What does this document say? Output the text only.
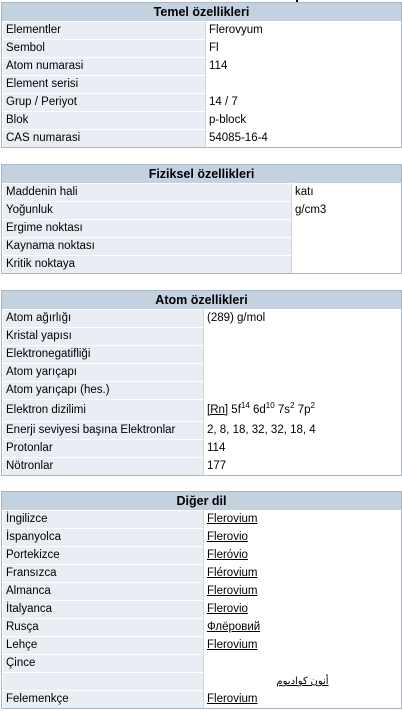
Temel özellikleri
Elementler	Flerovyum
Sembol	Fl
Atom numarasi	114
Element serisi	
Grup / Periyot	14 / 7
Blok	p-block
CAS numarasi	54085-16-4
Fiziksel özellikleri
Maddenin hali	katı
Yoğunluk	g/cm3
Ergime noktası	
Kaynama noktası	
Kritik noktaya	
Atom özellikleri
Atom ağırlığı	(289) g/mol
Kristal yapısı	
Elektronegatifliği	
Atom yarıçapı	
Atom yarıçapı (hes.)	
Elektron dizilimi	[Rn] $5f^{14}$ $6d^{10}$ $7s^2$ $7p^2$
Enerji seviyesi başına Elektronlar	2, 8, 18, 32, 32, 18, 4
Protonlar	114
Nötronlar	177
Diğer dil
İngilizce	Flerovium
İspanyolca	Flerovio
Portekizce	Flerόvio
Fransızca	Flérovium
Almanca	Flerovium
İtalyanca	Flerovio
Rusça	Флёровий
Lehçe	Flerovium
Çince	

	أنون كوادبوم

Felemenkçe	Flerovium
